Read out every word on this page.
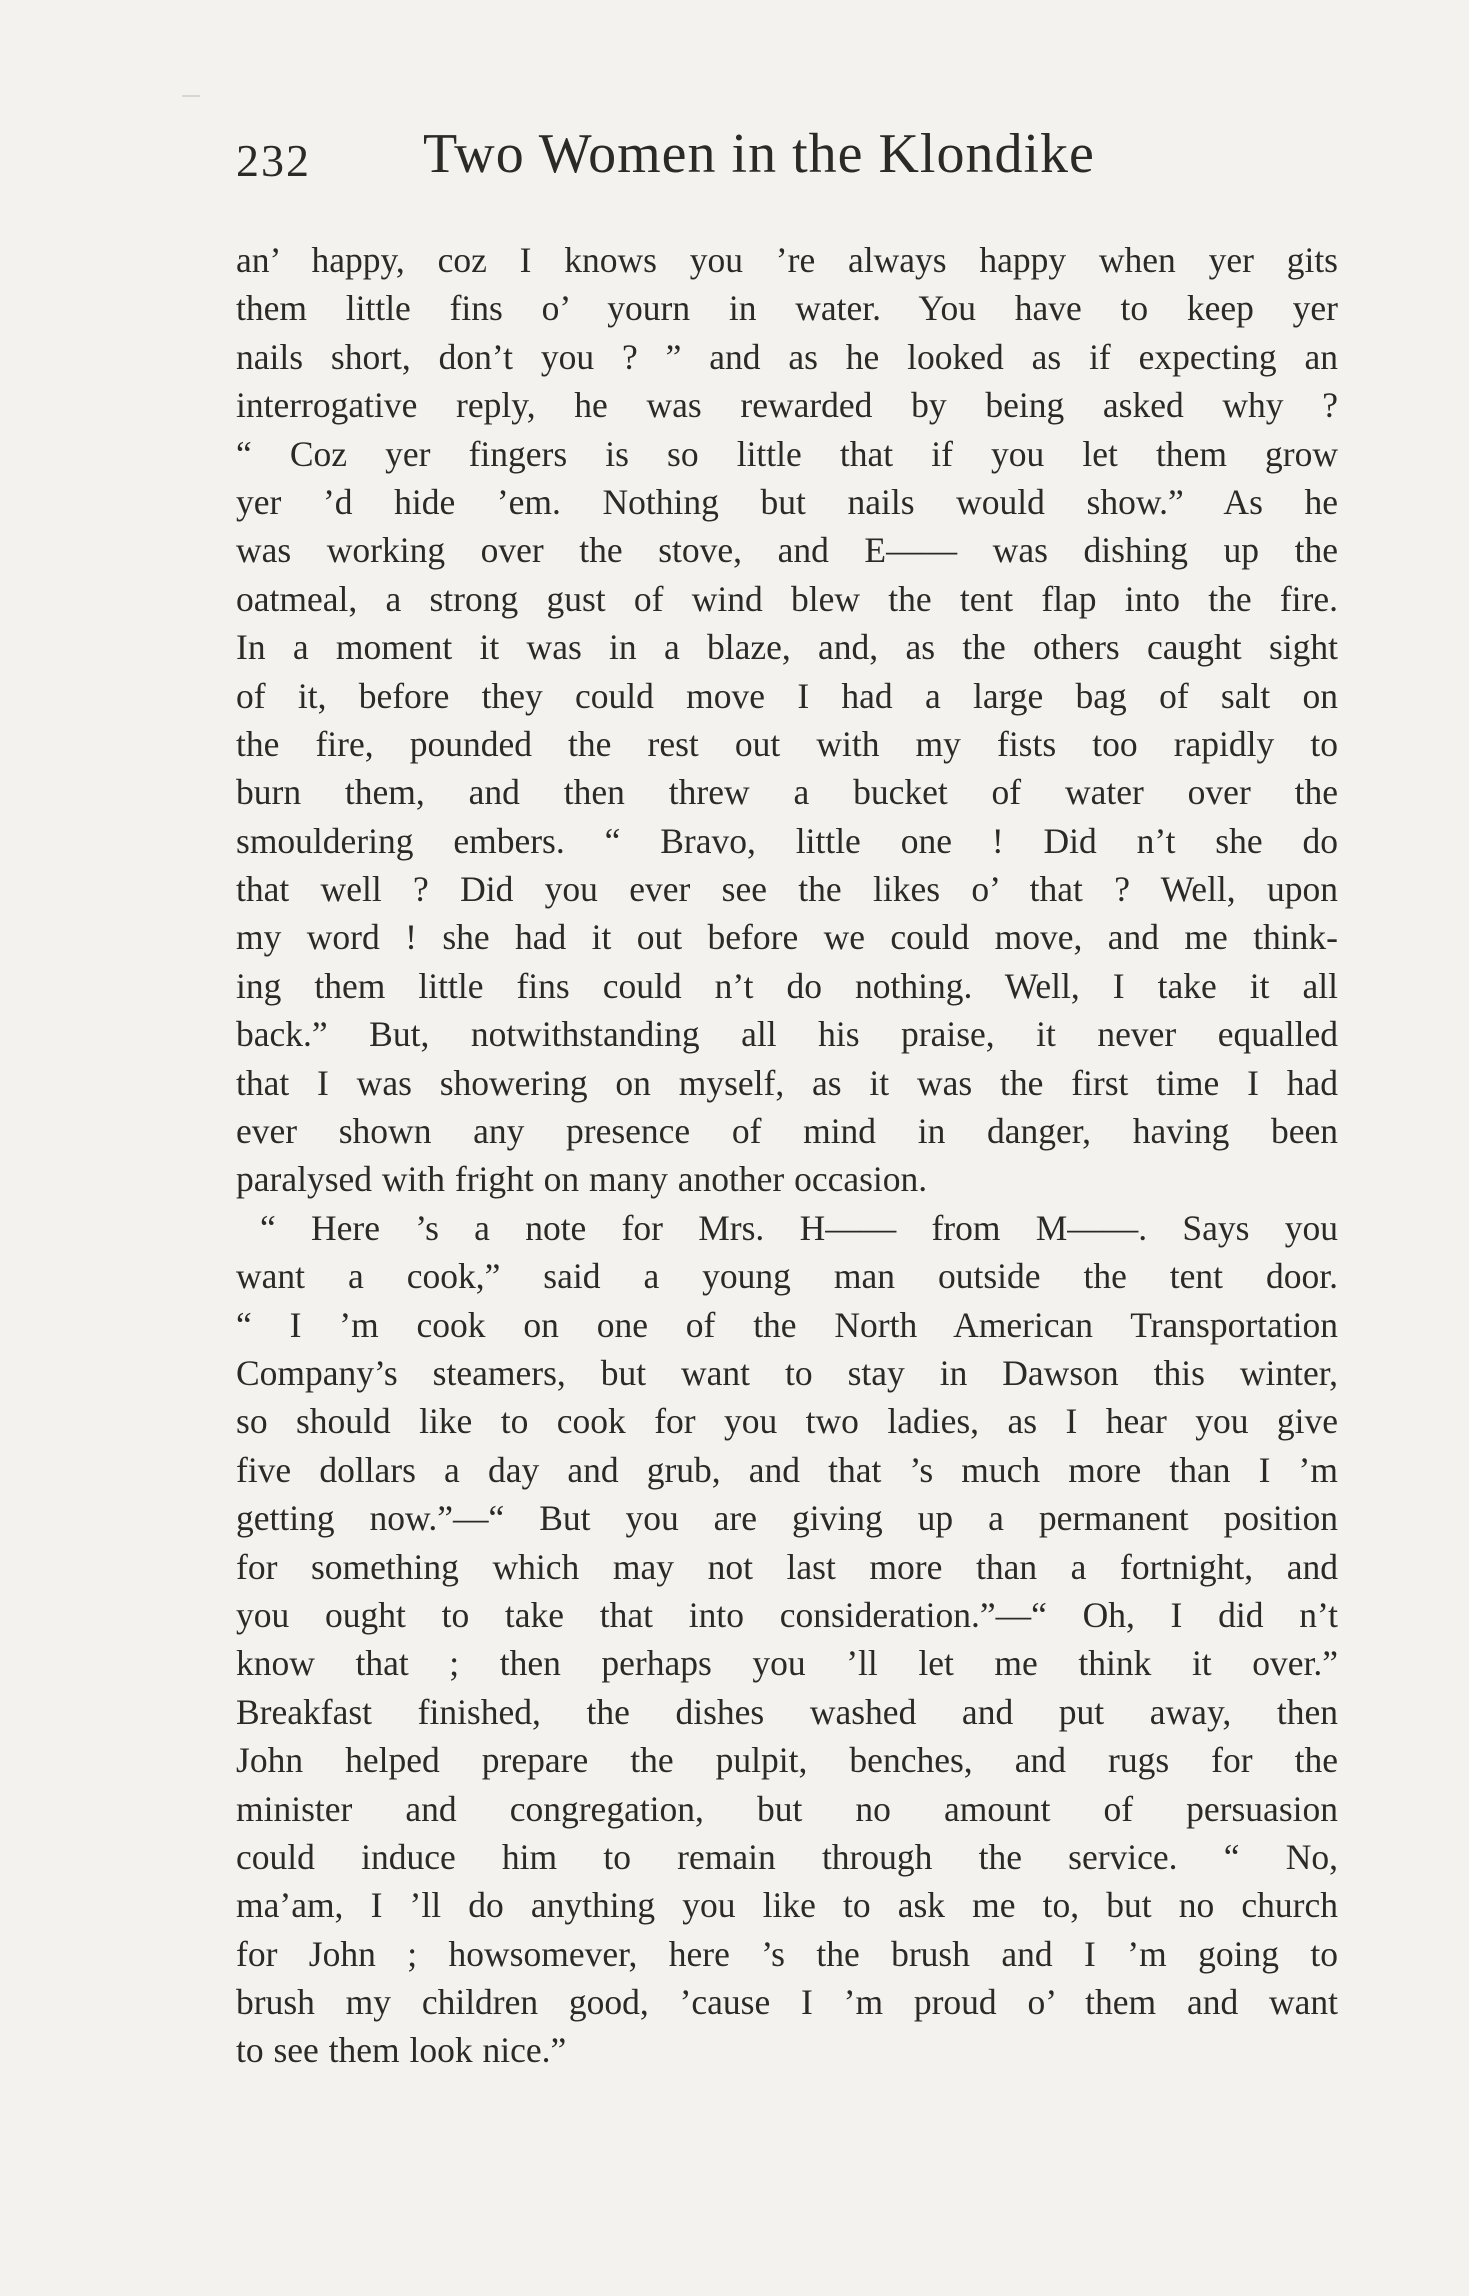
232 Two Women in the Klondike
an’ happy, coz I knows you ’re always happy when yer gits
them little fins o’ yourn in water. You have to keep yer
nails short, don’t you ? ” and as he looked as if expecting an
interrogative reply, he was rewarded by being asked why ?
“ Coz yer fingers is so little that if you let them grow
yer ’d hide ’em. Nothing but nails would show.” As he
was working over the stove, and E—— was dishing up the
oatmeal, a strong gust of wind blew the tent flap into the fire.
In a moment it was in a blaze, and, as the others caught sight
of it, before they could move I had a large bag of salt on
the fire, pounded the rest out with my fists too rapidly to
burn them, and then threw a bucket of water over the
smouldering embers. “ Bravo, little one ! Did n’t she do
that well ? Did you ever see the likes o’ that ? Well, upon
my word ! she had it out before we could move, and me think-
ing them little fins could n’t do nothing. Well, I take it all
back.” But, notwithstanding all his praise, it never equalled
that I was showering on myself, as it was the first time I had
ever shown any presence of mind in danger, having been
paralysed with fright on many another occasion.
“ Here ’s a note for Mrs. H—— from M——. Says you
want a cook,” said a young man outside the tent door.
“ I ’m cook on one of the North American Transportation
Company’s steamers, but want to stay in Dawson this winter,
so should like to cook for you two ladies, as I hear you give
five dollars a day and grub, and that ’s much more than I ’m
getting now.”—“ But you are giving up a permanent position
for something which may not last more than a fortnight, and
you ought to take that into consideration.”—“ Oh, I did n’t
know that ; then perhaps you ’ll let me think it over.”
Breakfast finished, the dishes washed and put away, then
John helped prepare the pulpit, benches, and rugs for the
minister and congregation, but no amount of persuasion
could induce him to remain through the service. “ No,
ma’am, I ’ll do anything you like to ask me to, but no church
for John ; howsomever, here ’s the brush and I ’m going to
brush my children good, ’cause I ’m proud o’ them and want
to see them look nice.”
